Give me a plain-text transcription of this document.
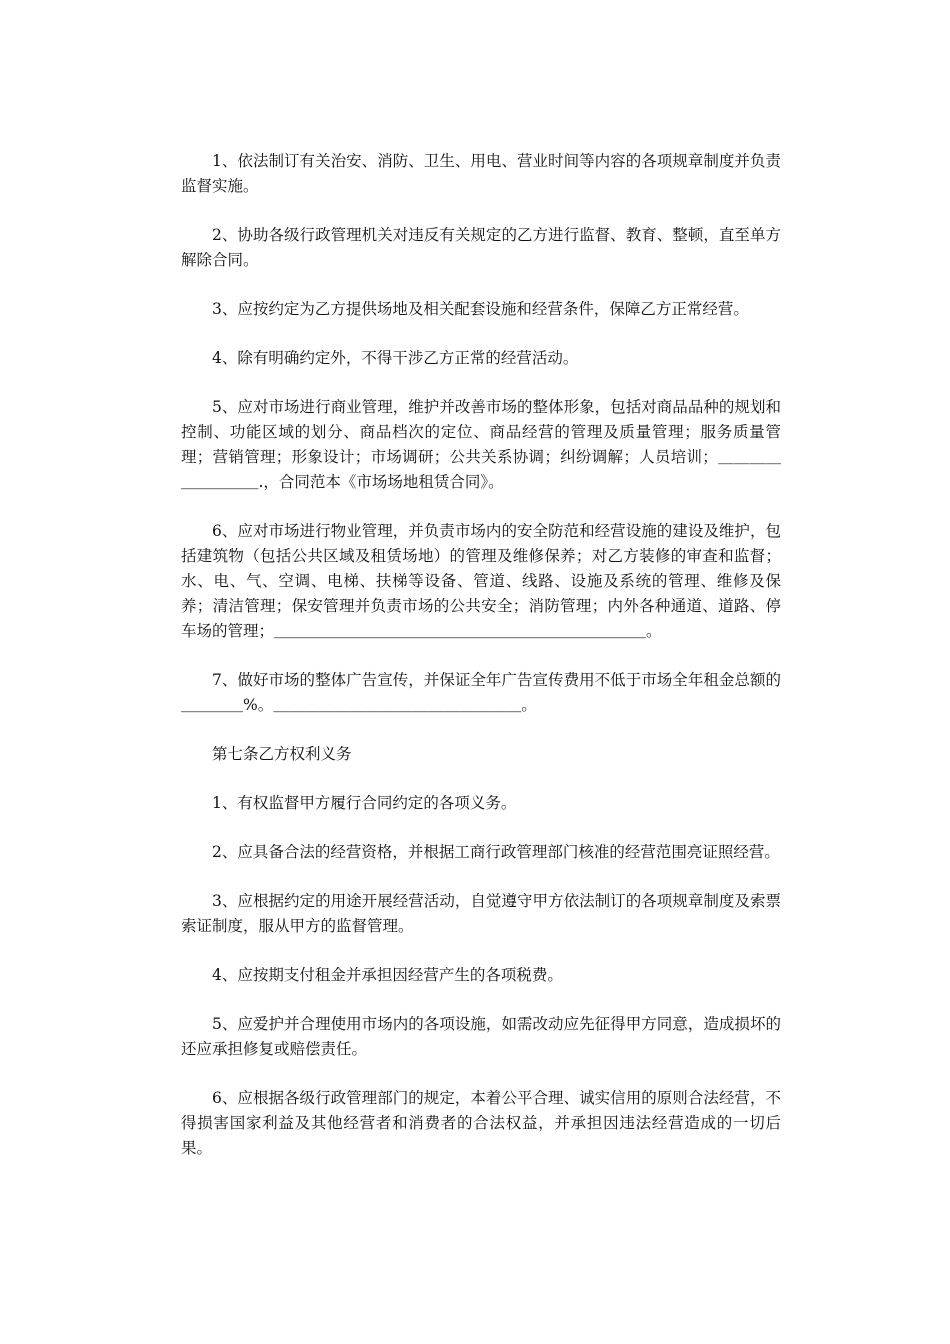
1、依法制订有关治安、消防、卫生、用电、营业时间等内容的各项规章制度并负责监督实施。

2、协助各级行政管理机关对违反有关规定的乙方进行监督、教育、整顿，直至单方解除合同。

3、应按约定为乙方提供场地及相关配套设施和经营条件，保障乙方正常经营。

4、除有明确约定外，不得干涉乙方正常的经营活动。

5、应对市场进行商业管理，维护并改善市场的整体形象，包括对商品品种的规划和控制、功能区域的划分、商品档次的定位、商品经营的管理及质量管理；服务质量管理；营销管理；形象设计；市场调研；公共关系协调；纠纷调解；人员培训；＿＿＿＿＿＿＿＿＿.，合同范本《市场场地租赁合同》。

6、应对市场进行物业管理，并负责市场内的安全防范和经营设施的建设及维护，包括建筑物（包括公共区域及租赁场地）的管理及维修保养；对乙方装修的审查和监督；水、电、气、空调、电梯、扶梯等设备、管道、线路、设施及系统的管理、维修及保养；清洁管理；保安管理并负责市场的公共安全；消防管理；内外各种通道、道路、停车场的管理；＿＿＿＿＿＿＿＿＿＿＿＿＿＿＿＿＿＿＿＿＿＿＿＿。

7、做好市场的整体广告宣传，并保证全年广告宣传费用不低于市场全年租金总额的＿＿＿＿%。＿＿＿＿＿＿＿＿＿＿＿＿＿＿＿＿。

第七条乙方权利义务

1、有权监督甲方履行合同约定的各项义务。

2、应具备合法的经营资格，并根据工商行政管理部门核准的经营范围亮证照经营。

3、应根据约定的用途开展经营活动，自觉遵守甲方依法制订的各项规章制度及索票索证制度，服从甲方的监督管理。

4、应按期支付租金并承担因经营产生的各项税费。

5、应爱护并合理使用市场内的各项设施，如需改动应先征得甲方同意，造成损坏的还应承担修复或赔偿责任。

6、应根据各级行政管理部门的规定，本着公平合理、诚实信用的原则合法经营，不得损害国家利益及其他经营者和消费者的合法权益，并承担因违法经营造成的一切后果。
